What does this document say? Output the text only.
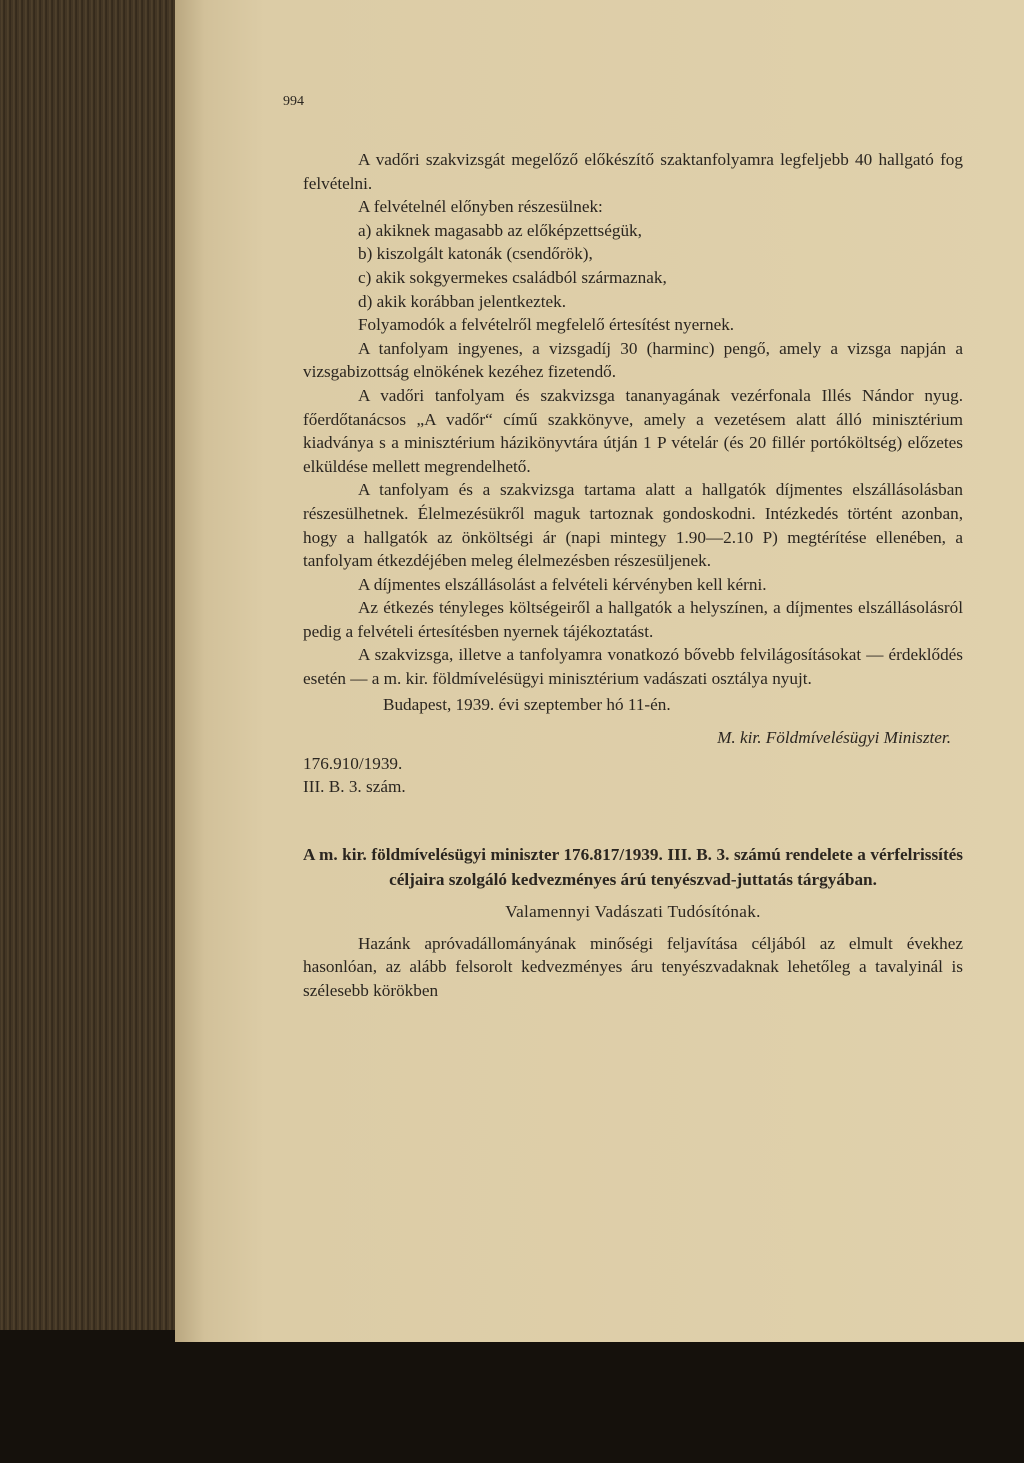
994

A vadőri szakvizsgát megelőző előkészítő szaktanfolyamra legfeljebb 40 hallgató fog felvételni.

A felvételnél előnyben részesülnek:

a) akiknek magasabb az előképzettségük,

b) kiszolgált katonák (csendőrök),

c) akik sokgyermekes családból származnak,

d) akik korábban jelentkeztek.

Folyamodók a felvételről megfelelő értesítést nyernek.

A tanfolyam ingyenes, a vizsgadíj 30 (harminc) pengő, amely a vizsga napján a vizsgabizottság elnökének kezéhez fizetendő.

A vadőri tanfolyam és szakvizsga tananyagának vezérfonala Illés Nándor nyug. főerdőtanácsos „A vadőr“ című szakkönyve, amely a vezetésem alatt álló minisztérium kiadványa s a minisztérium házikönyvtára útján 1 P vételár (és 20 fillér portóköltség) előzetes elküldése mellett megrendelhető.

A tanfolyam és a szakvizsga tartama alatt a hallgatók díjmentes elszállásolásban részesülhetnek. Élelmezésükről maguk tartoznak gondoskodni. Intézkedés történt azonban, hogy a hallgatók az önköltségi ár (napi mintegy 1.90—2.10 P) megtérítése ellenében, a tanfolyam étkezdéjében meleg élelmezésben részesüljenek.

A díjmentes elszállásolást a felvételi kérvényben kell kérni.

Az étkezés tényleges költségeiről a hallgatók a helyszínen, a díjmentes elszállásolásról pedig a felvételi értesítésben nyernek tájékoztatást.

A szakvizsga, illetve a tanfolyamra vonatkozó bővebb felvilágosításokat — érdeklődés esetén — a m. kir. földmívelésügyi minisztérium vadászati osztálya nyujt.

Budapest, 1939. évi szeptember hó 11-én.

M. kir. Földmívelésügyi Miniszter.

176.910/1939.
III. B. 3. szám.

A m. kir. földmívelésügyi miniszter 176.817/1939. III. B. 3. számú rendelete a vérfelrissítés céljaira szolgáló kedvezményes árú tenyészvad-juttatás tárgyában.

Valamennyi Vadászati Tudósítónak.

Hazánk apróvadállományának minőségi feljavítása céljából az elmult évekhez hasonlóan, az alább felsorolt kedvezményes áru tenyészvadaknak lehetőleg a tavalyinál is szélesebb körökben
